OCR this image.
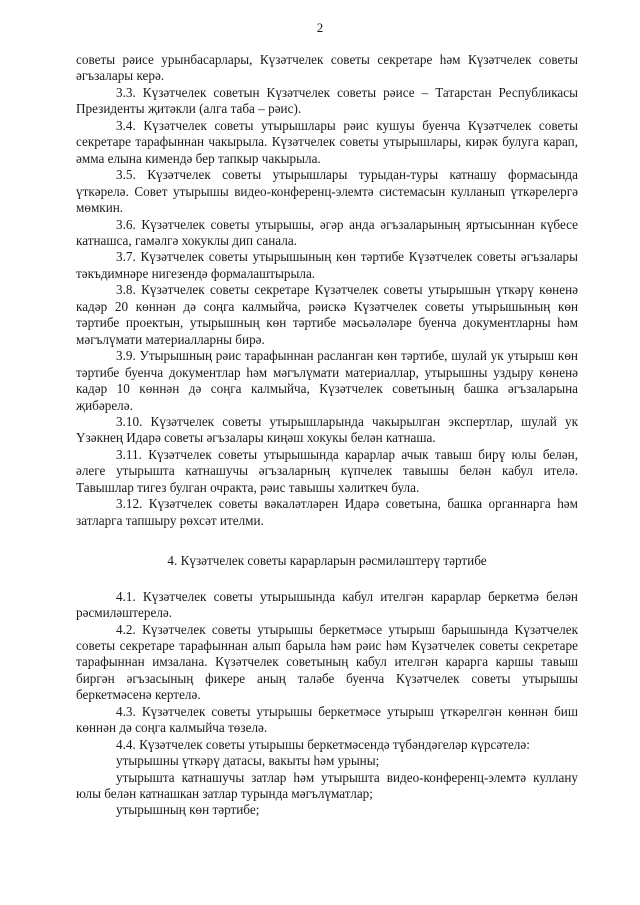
2

советы рәисе урынбасарлары, Күзәтчелек советы секретаре һәм Күзәтчелек советы әгъзалары керә.

3.3. Күзәтчелек советын Күзәтчелек советы рәисе – Татарстан Республикасы Президенты җитәкли (алга таба – рәис).

3.4. Күзәтчелек советы утырышлары рәис кушуы буенча Күзәтчелек советы секретаре тарафыннан чакырыла. Күзәтчелек советы утырышлары, кирәк булуга карап, әмма елына кимендә бер тапкыр чакырыла.

3.5. Күзәтчелек советы утырышлары турыдан-туры катнашу формасында үткәрелә. Совет утырышы видео-конференц-элемтә системасын кулланып үткәрелергә мөмкин.

3.6. Күзәтчелек советы утырышы, әгәр анда әгъзаларының яртысыннан күбесе катнашса, гамәлгә хокуклы дип санала.

3.7. Күзәтчелек советы утырышының көн тәртибе Күзәтчелек советы әгъзалары тәкъдимнәре нигезендә формалаштырыла.

3.8. Күзәтчелек советы секретаре Күзәтчелек советы утырышын үткәрү көненә кадәр 20 көннән дә соңга калмыйча, рәискә Күзәтчелек советы утырышының көн тәртибе проектын, утырышның көн тәртибе мәсьәләләре буенча документларны һәм мәгълүмати материалларны бирә.

3.9. Утырышның рәис тарафыннан расланган көн тәртибе, шулай ук утырыш көн тәртибе буенча документлар һәм мәгълүмати материаллар, утырышны уздыру көненә кадәр 10 көннән дә соңга калмыйча, Күзәтчелек советының башка әгъзаларына җибәрелә.

3.10. Күзәтчелек советы утырышларында чакырылган экспертлар, шулай ук Үзәкнең Идарә советы әгъзалары киңәш хокукы белән катнаша.

3.11. Күзәтчелек советы утырышында карарлар ачык тавыш бирү юлы белән, әлеге утырышта катнашучы әгъзаларның күпчелек тавышы белән кабул ителә. Тавышлар тигез булган очракта, рәис тавышы хәлиткеч була.

3.12. Күзәтчелек советы вәкаләтләрен Идарә советына, башка органнарга һәм затларга тапшыру рөхсәт ителми.

4. Күзәтчелек советы карарларын рәсмиләштерү тәртибе

4.1. Күзәтчелек советы утырышында кабул ителгән карарлар беркетмә белән рәсмиләштерелә.

4.2. Күзәтчелек советы утырышы беркетмәсе утырыш барышында Күзәтчелек советы секретаре тарафыннан алып барыла һәм рәис һәм Күзәтчелек советы секретаре тарафыннан имзалана. Күзәтчелек советының кабул ителгән карарга каршы тавыш биргән әгъзасының фикере аның таләбе буенча Күзәтчелек советы утырышы беркетмәсенә кертелә.

4.3. Күзәтчелек советы утырышы беркетмәсе утырыш үткәрелгән көннән биш көннән дә соңга калмыйча төзелә.

4.4. Күзәтчелек советы утырышы беркетмәсендә түбәндәгеләр күрсәтелә:

утырышны үткәрү датасы, вакыты һәм урыны;

утырышта катнашучы затлар һәм утырышта видео-конференц-элемтә куллану юлы белән катнашкан затлар турында мәгълүматлар;

утырышның көн тәртибе;
